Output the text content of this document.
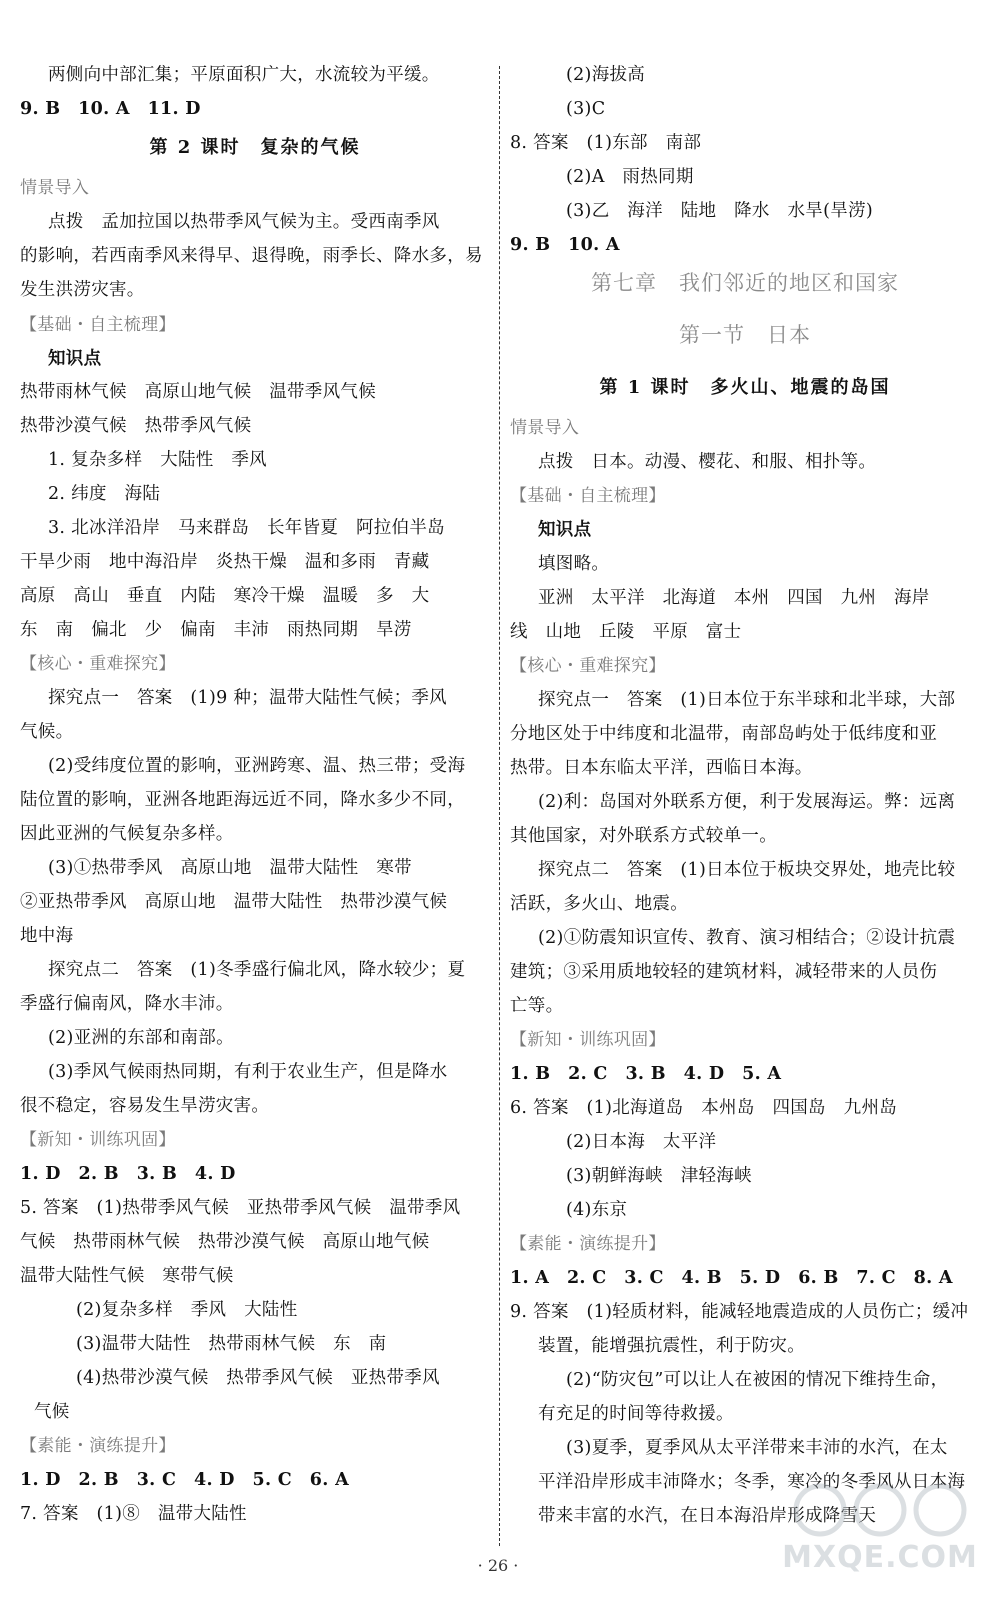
两侧向中部汇集；平原面积广大，水流较为平缓。
9. B　10. A　11. D
第 2 课时　复杂的气候
情景导入
点拨　孟加拉国以热带季风气候为主。受西南季风
的影响，若西南季风来得早、退得晚，雨季长、降水多，易
发生洪涝灾害。
【基础・自主梳理】
知识点
热带雨林气候　高原山地气候　温带季风气候
热带沙漠气候　热带季风气候
1. 复杂多样　大陆性　季风
2. 纬度　海陆
3. 北冰洋沿岸　马来群岛　长年皆夏　阿拉伯半岛
干旱少雨　地中海沿岸　炎热干燥　温和多雨　青藏
高原　高山　垂直　内陆　寒冷干燥　温暖　多　大
东　南　偏北　少　偏南　丰沛　雨热同期　旱涝
【核心・重难探究】
探究点一　答案　(1)9 种；温带大陆性气候；季风
气候。
(2)受纬度位置的影响，亚洲跨寒、温、热三带；受海
陆位置的影响，亚洲各地距海远近不同，降水多少不同，
因此亚洲的气候复杂多样。
(3)①热带季风　高原山地　温带大陆性　寒带
②亚热带季风　高原山地　温带大陆性　热带沙漠气候
地中海
探究点二　答案　(1)冬季盛行偏北风，降水较少；夏
季盛行偏南风，降水丰沛。
(2)亚洲的东部和南部。
(3)季风气候雨热同期，有利于农业生产，但是降水
很不稳定，容易发生旱涝灾害。
【新知・训练巩固】
1. D　2. B　3. B　4. D
5. 答案　(1)热带季风气候　亚热带季风气候　温带季风
气候　热带雨林气候　热带沙漠气候　高原山地气候
温带大陆性气候　寒带气候
(2)复杂多样　季风　大陆性
(3)温带大陆性　热带雨林气候　东　南
(4)热带沙漠气候　热带季风气候　亚热带季风
气候
【素能・演练提升】
1. D　2. B　3. C　4. D　5. C　6. A
7. 答案　(1)⑧　温带大陆性
(2)海拔高
(3)C
8. 答案　(1)东部　南部
(2)A　雨热同期
(3)乙　海洋　陆地　降水　水旱(旱涝)
9. B　10. A
第七章　我们邻近的地区和国家
第一节　日本
第 1 课时　多火山、地震的岛国
情景导入
点拨　日本。动漫、樱花、和服、相扑等。
【基础・自主梳理】
知识点
填图略。
亚洲　太平洋　北海道　本州　四国　九州　海岸
线　山地　丘陵　平原　富士
【核心・重难探究】
探究点一　答案　(1)日本位于东半球和北半球，大部
分地区处于中纬度和北温带，南部岛屿处于低纬度和亚
热带。日本东临太平洋，西临日本海。
(2)利：岛国对外联系方便，利于发展海运。弊：远离
其他国家，对外联系方式较单一。
探究点二　答案　(1)日本位于板块交界处，地壳比较
活跃，多火山、地震。
(2)①防震知识宣传、教育、演习相结合；②设计抗震
建筑；③采用质地较轻的建筑材料，减轻带来的人员伤
亡等。
【新知・训练巩固】
1. B　2. C　3. B　4. D　5. A
6. 答案　(1)北海道岛　本州岛　四国岛　九州岛
(2)日本海　太平洋
(3)朝鲜海峡　津轻海峡
(4)东京
【素能・演练提升】
1. A　2. C　3. C　4. B　5. D　6. B　7. C　8. A
9. 答案　(1)轻质材料，能减轻地震造成的人员伤亡；缓冲
装置，能增强抗震性，利于防灾。
(2)“防灾包”可以让人在被困的情况下维持生命，
有充足的时间等待救援。
(3)夏季，夏季风从太平洋带来丰沛的水汽，在太
平洋沿岸形成丰沛降水；冬季，寒冷的冬季风从日本海
带来丰富的水汽，在日本海沿岸形成降雪天
· 26 ·	MXQE.COM
